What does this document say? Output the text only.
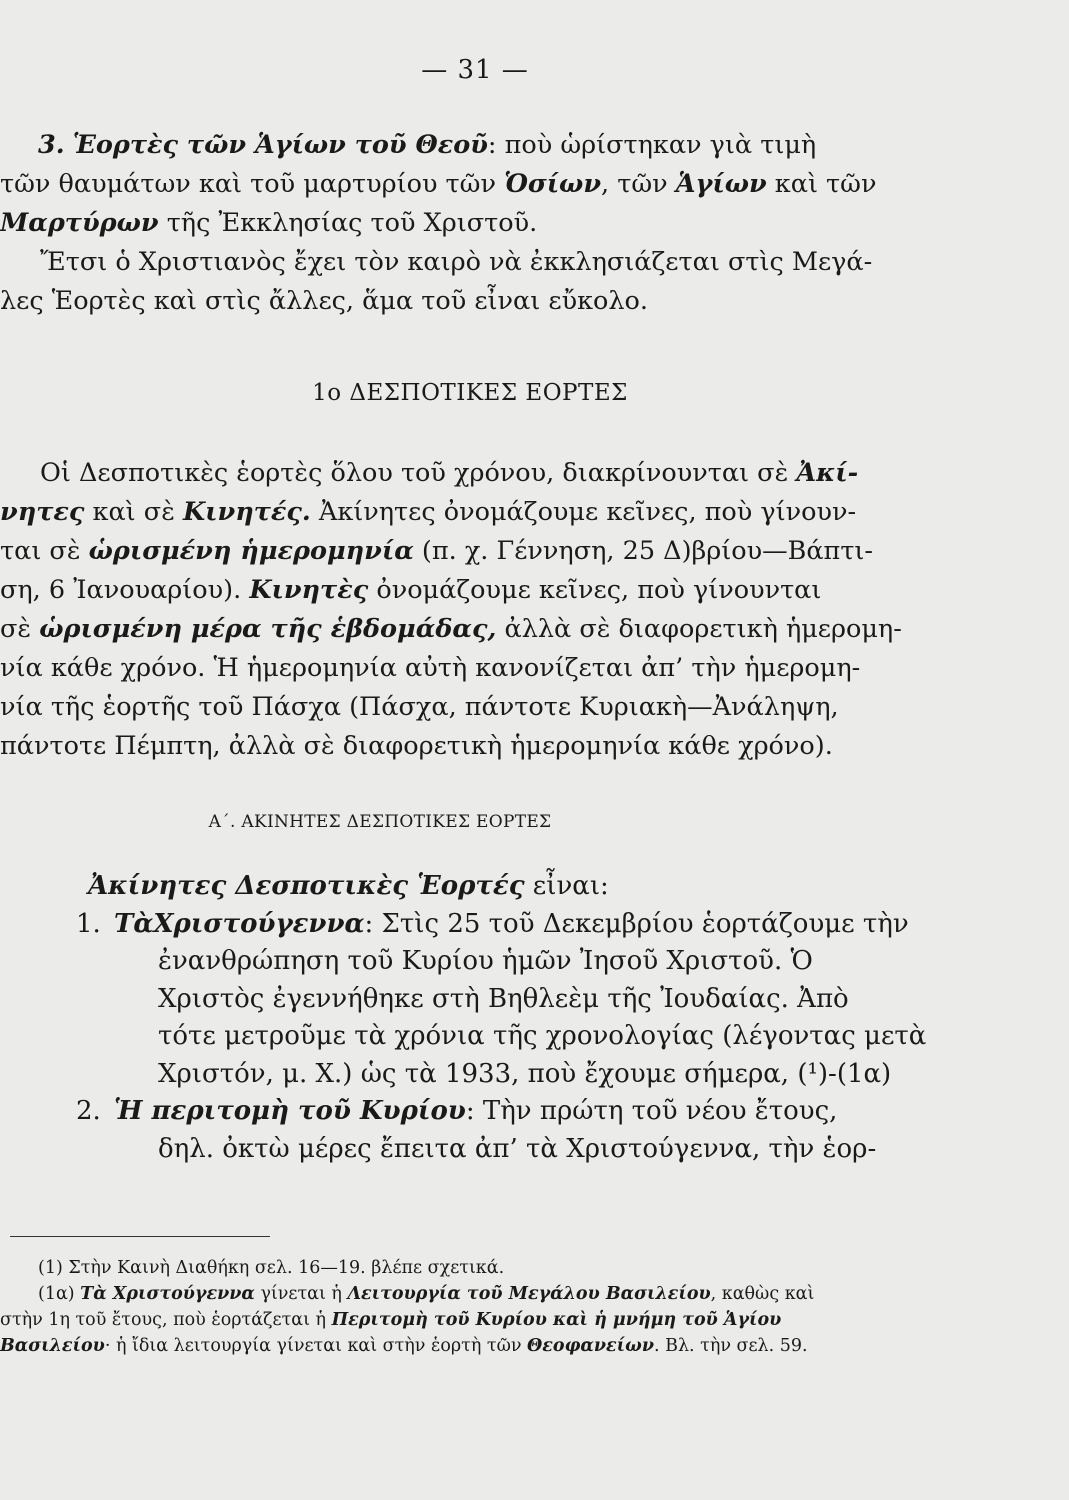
— 31 —
3. Ἑορτὲς τῶν Ἁγίων τοῦ Θεοῦ: ποὺ ὡρίστηκαν γιὰ τιμὴ
τῶν θαυμάτων καὶ τοῦ μαρτυρίου τῶν Ὁσίων, τῶν Ἁγίων καὶ τῶν
Μαρτύρων τῆς Ἐκκλησίας τοῦ Χριστοῦ.
Ἔτσι ὁ Χριστιανὸς ἔχει τὸν καιρὸ νὰ ἐκκλησιάζεται στὶς Μεγά-
λες Ἑορτὲς καὶ στὶς ἄλλες, ἅμα τοῦ εἶναι εὔκολο.
1ο ΔΕΣΠΟΤΙΚΕΣ ΕΟΡΤΕΣ
Οἱ Δεσποτικὲς ἑορτὲς ὅλου τοῦ χρόνου, διακρίνουνται σὲ Ἀκί-
νητες καὶ σὲ Κινητές. Ἀκίνητες ὀνομάζουμε κεῖνες, ποὺ γίνουν-
ται σὲ ὡρισμένη ἡμερομηνία (π. χ. Γέννηση, 25 Δ)βρίου—Βάπτι-
ση, 6 Ἰανουαρίου). Κινητὲς ὀνομάζουμε κεῖνες, ποὺ γίνουνται
σὲ ὡρισμένη μέρα τῆς ἑβδομάδας, ἀλλὰ σὲ διαφορετικὴ ἡμερομη-
νία κάθε χρόνο. Ἡ ἡμερομηνία αὐτὴ κανονίζεται ἀπ’ τὴν ἡμερομη-
νία τῆς ἑορτῆς τοῦ Πάσχα (Πάσχα, πάντοτε Κυριακὴ—Ἀνάληψη,
πάντοτε Πέμπτη, ἀλλὰ σὲ διαφορετικὴ ἡμερομηνία κάθε χρόνο).
Α΄. ΑΚΙΝΗΤΕΣ ΔΕΣΠΟΤΙΚΕΣ ΕΟΡΤΕΣ
Ἀκίνητες Δεσποτικὲς Ἑορτές εἶναι:
1. ΤὰΧριστούγεννα: Στὶς 25 τοῦ Δεκεμβρίου ἑορτάζουμε τὴν
ἐνανθρώπηση τοῦ Κυρίου ἡμῶν Ἰησοῦ Χριστοῦ. Ὁ
Χριστὸς ἐγεννήθηκε στὴ Βηθλεὲμ τῆς Ἰουδαίας. Ἀπὸ
τότε μετροῦμε τὰ χρόνια τῆς χρονολογίας (λέγοντας μετὰ
Χριστόν, μ. Χ.) ὡς τὰ 1933, ποὺ ἔχουμε σήμερα, (¹)-(1α)
2. Ἡ περιτομὴ τοῦ Κυρίου: Τὴν πρώτη τοῦ νέου ἔτους,
δηλ. ὀκτὼ μέρες ἔπειτα ἀπ’ τὰ Χριστούγεννα, τὴν ἑορ-
(1) Στὴν Καινὴ Διαθήκη σελ. 16—19. βλέπε σχετικά.
(1α) Τὰ Χριστούγεννα γίνεται ἡ Λειτουργία τοῦ Μεγάλου Βασιλείου, καθὼς καὶ
στὴν 1η τοῦ ἔτους, ποὺ ἑορτάζεται ἡ Περιτομὴ τοῦ Κυρίου καὶ ἡ μνήμη τοῦ Ἁγίου
Βασιλείου· ἡ ἴδια λειτουργία γίνεται καὶ στὴν ἑορτὴ τῶν Θεοφανείων. Βλ. τὴν σελ. 59.
